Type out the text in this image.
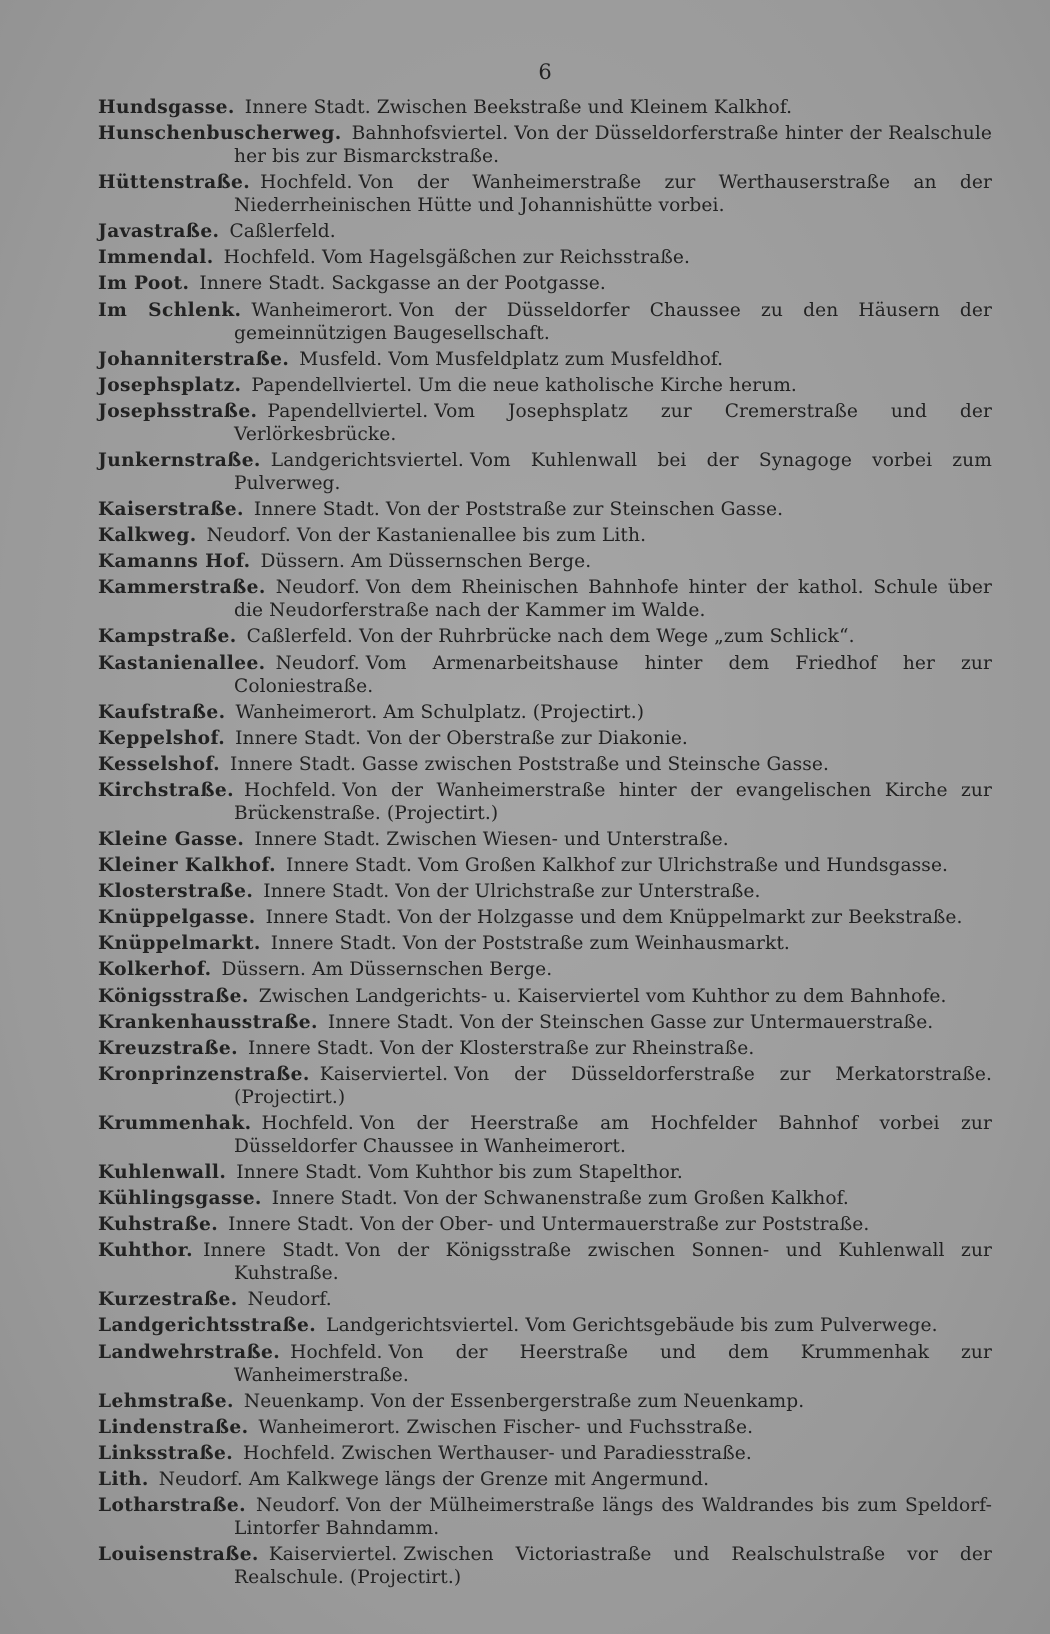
6

Hundsgasse. Innere Stadt. Zwischen Beekstraße und Kleinem Kalkhof.

Hunschenbuscherweg. Bahnhofsviertel. Von der Düsseldorferstraße hinter der Realschule her bis zur Bismarckstraße.

Hüttenstraße. Hochfeld. Von der Wanheimerstraße zur Werthauserstraße an der Niederrheinischen Hütte und Johannishütte vorbei.

Javastraße. Caßlerfeld.

Immendal. Hochfeld. Vom Hagelsgäßchen zur Reichsstraße.

Im Poot. Innere Stadt. Sackgasse an der Pootgasse.

Im Schlenk. Wanheimerort. Von der Düsseldorfer Chaussee zu den Häusern der gemeinnützigen Baugesellschaft.

Johanniterstraße. Musfeld. Vom Musfeldplatz zum Musfeldhof.

Josephsplatz. Papendellviertel. Um die neue katholische Kirche herum.

Josephsstraße. Papendellviertel. Vom Josephsplatz zur Cremerstraße und der Verlörkesbrücke.

Junkernstraße. Landgerichtsviertel. Vom Kuhlenwall bei der Synagoge vorbei zum Pulverweg.

Kaiserstraße. Innere Stadt. Von der Poststraße zur Steinschen Gasse.

Kalkweg. Neudorf. Von der Kastanienallee bis zum Lith.

Kamanns Hof. Düssern. Am Düssernschen Berge.

Kammerstraße. Neudorf. Von dem Rheinischen Bahnhofe hinter der kathol. Schule über die Neudorferstraße nach der Kammer im Walde.

Kampstraße. Caßlerfeld. Von der Ruhrbrücke nach dem Wege „zum Schlick“.

Kastanienallee. Neudorf. Vom Armenarbeitshause hinter dem Friedhof her zur Coloniestraße.

Kaufstraße. Wanheimerort. Am Schulplatz. (Projectirt.)

Keppelshof. Innere Stadt. Von der Oberstraße zur Diakonie.

Kesselshof. Innere Stadt. Gasse zwischen Poststraße und Steinsche Gasse.

Kirchstraße. Hochfeld. Von der Wanheimerstraße hinter der evangelischen Kirche zur Brückenstraße. (Projectirt.)

Kleine Gasse. Innere Stadt. Zwischen Wiesen- und Unterstraße.

Kleiner Kalkhof. Innere Stadt. Vom Großen Kalkhof zur Ulrichstraße und Hundsgasse.

Klosterstraße. Innere Stadt. Von der Ulrichstraße zur Unterstraße.

Knüppelgasse. Innere Stadt. Von der Holzgasse und dem Knüppelmarkt zur Beekstraße.

Knüppelmarkt. Innere Stadt. Von der Poststraße zum Weinhausmarkt.

Kolkerhof. Düssern. Am Düssernschen Berge.

Königsstraße. Zwischen Landgerichts- u. Kaiserviertel vom Kuhthor zu dem Bahnhofe.

Krankenhausstraße. Innere Stadt. Von der Steinschen Gasse zur Untermauerstraße.

Kreuzstraße. Innere Stadt. Von der Klosterstraße zur Rheinstraße.

Kronprinzenstraße. Kaiserviertel. Von der Düsseldorferstraße zur Merkatorstraße. (Projectirt.)

Krummenhak. Hochfeld. Von der Heerstraße am Hochfelder Bahnhof vorbei zur Düsseldorfer Chaussee in Wanheimerort.

Kuhlenwall. Innere Stadt. Vom Kuhthor bis zum Stapelthor.

Kühlingsgasse. Innere Stadt. Von der Schwanenstraße zum Großen Kalkhof.

Kuhstraße. Innere Stadt. Von der Ober- und Untermauerstraße zur Poststraße.

Kuhthor. Innere Stadt. Von der Königsstraße zwischen Sonnen- und Kuhlenwall zur Kuhstraße.

Kurzestraße. Neudorf.

Landgerichtsstraße. Landgerichtsviertel. Vom Gerichtsgebäude bis zum Pulverwege.

Landwehrstraße. Hochfeld. Von der Heerstraße und dem Krummenhak zur Wanheimerstraße.

Lehmstraße. Neuenkamp. Von der Essenbergerstraße zum Neuenkamp.

Lindenstraße. Wanheimerort. Zwischen Fischer- und Fuchsstraße.

Linksstraße. Hochfeld. Zwischen Werthauser- und Paradiesstraße.

Lith. Neudorf. Am Kalkwege längs der Grenze mit Angermund.

Lotharstraße. Neudorf. Von der Mülheimerstraße längs des Waldrandes bis zum Speldorf-Lintorfer Bahndamm.

Louisenstraße. Kaiserviertel. Zwischen Victoriastraße und Realschulstraße vor der Realschule. (Projectirt.)
